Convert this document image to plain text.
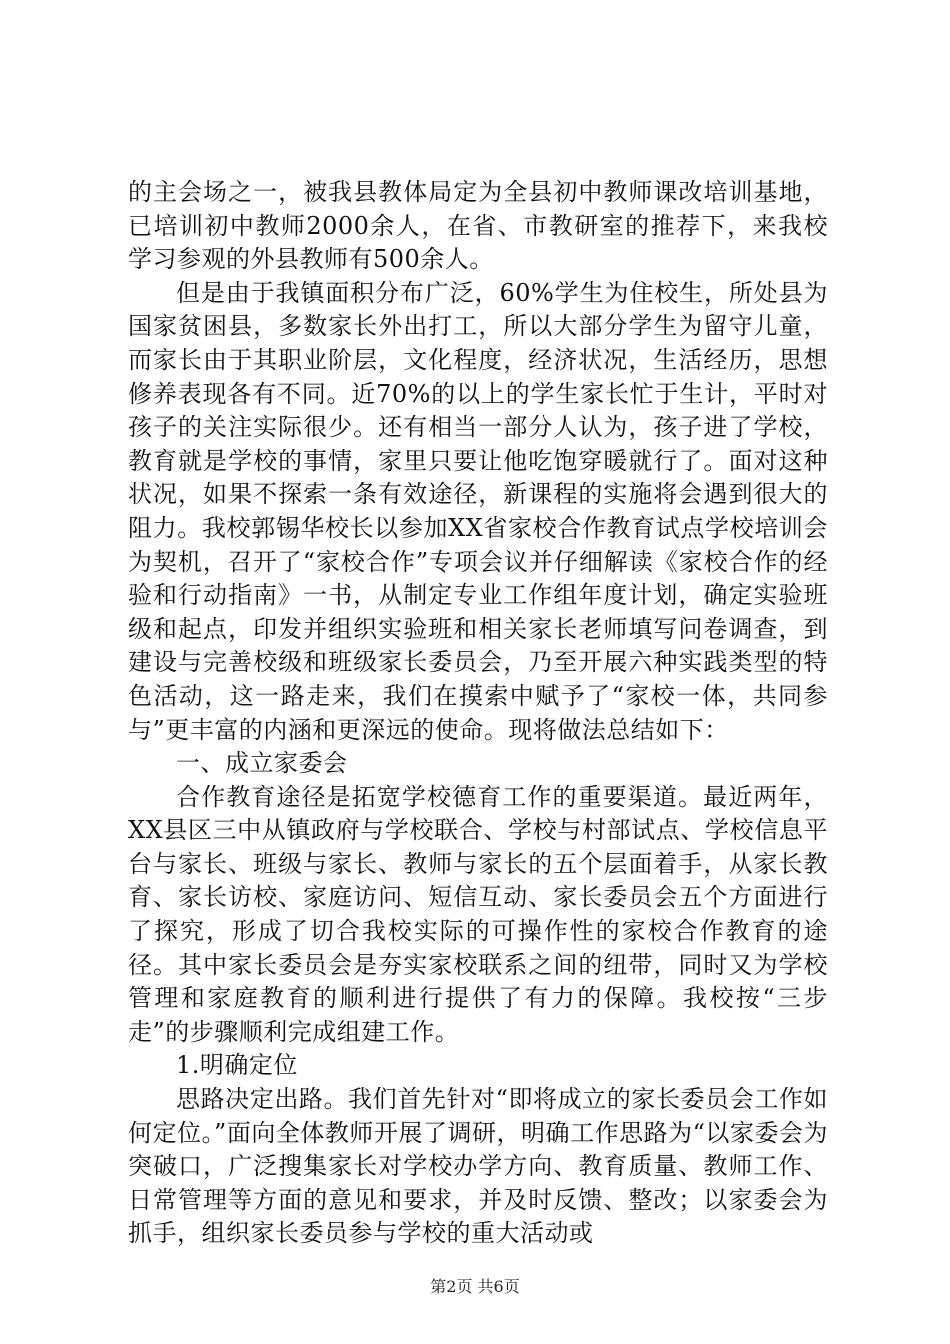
的主会场之一，被我县教体局定为全县初中教师课改培训基地，已培训初中教师2000余人，在省、市教研室的推荐下，来我校学习参观的外县教师有500余人。

但是由于我镇面积分布广泛，60%学生为住校生，所处县为国家贫困县，多数家长外出打工，所以大部分学生为留守儿童，而家长由于其职业阶层，文化程度，经济状况，生活经历，思想修养表现各有不同。近70%的以上的学生家长忙于生计，平时对孩子的关注实际很少。还有相当一部分人认为，孩子进了学校，教育就是学校的事情，家里只要让他吃饱穿暖就行了。面对这种状况，如果不探索一条有效途径，新课程的实施将会遇到很大的阻力。我校郭锡华校长以参加XX省家校合作教育试点学校培训会为契机，召开了“家校合作”专项会议并仔细解读《家校合作的经验和行动指南》一书，从制定专业工作组年度计划，确定实验班级和起点，印发并组织实验班和相关家长老师填写问卷调查，到建设与完善校级和班级家长委员会，乃至开展六种实践类型的特色活动，这一路走来，我们在摸索中赋予了“家校一体，共同参与”更丰富的内涵和更深远的使命。现将做法总结如下：

一、成立家委会

合作教育途径是拓宽学校德育工作的重要渠道。最近两年，XX县区三中从镇政府与学校联合、学校与村部试点、学校信息平台与家长、班级与家长、教师与家长的五个层面着手，从家长教育、家长访校、家庭访问、短信互动、家长委员会五个方面进行了探究，形成了切合我校实际的可操作性的家校合作教育的途径。其中家长委员会是夯实家校联系之间的纽带，同时又为学校管理和家庭教育的顺利进行提供了有力的保障。我校按“三步走”的步骤顺利完成组建工作。

1.明确定位

思路决定出路。我们首先针对“即将成立的家长委员会工作如何定位。”面向全体教师开展了调研，明确工作思路为“以家委会为突破口，广泛搜集家长对学校办学方向、教育质量、教师工作、日常管理等方面的意见和要求，并及时反馈、整改；以家委会为抓手，组织家长委员参与学校的重大活动或

第2页 共6页
